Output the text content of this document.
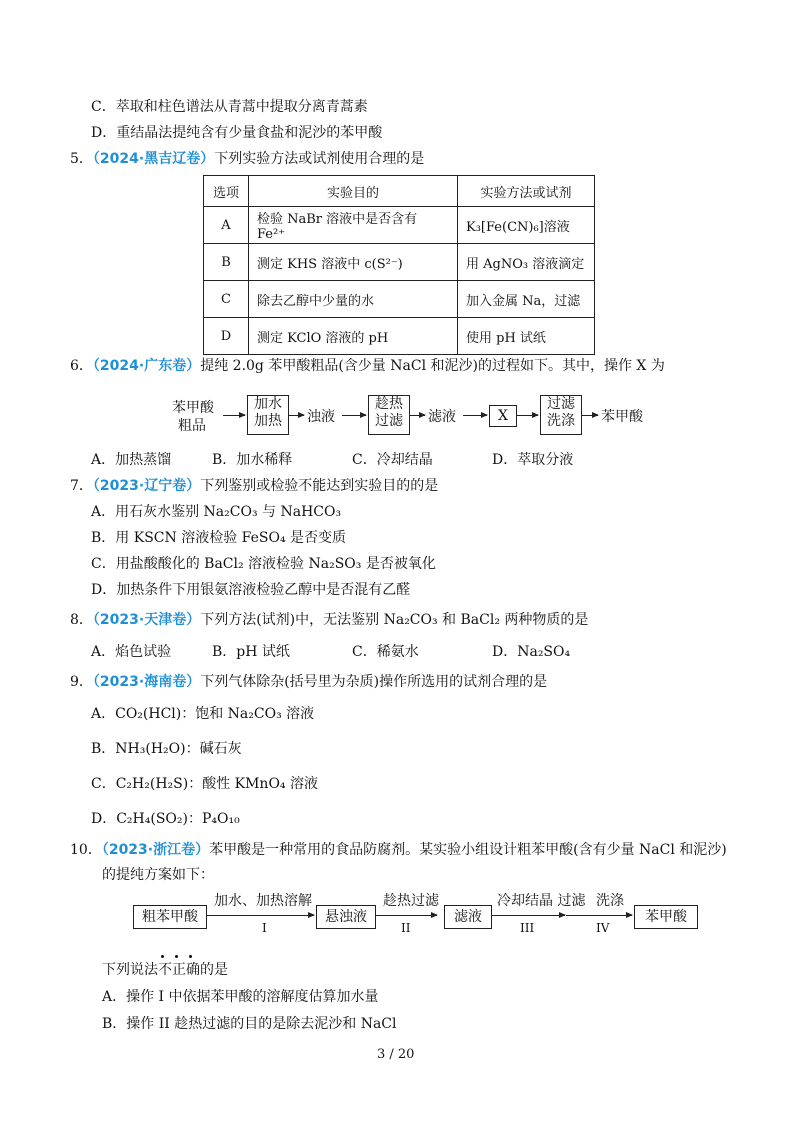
C．萃取和柱色谱法从青蒿中提取分离青蒿素
D．重结晶法提纯含有少量食盐和泥沙的苯甲酸
5．（2024·黑吉辽卷）下列实验方法或试剂使用合理的是
选项	实验目的	实验方法或试剂
A	检验 NaBr 溶液中是否含有 Fe²⁺	K₃[Fe(CN)₆]溶液
B	测定 KHS 溶液中 c(S²⁻)	用 AgNO₃ 溶液滴定
C	除去乙醇中少量的水	加入金属 Na，过滤
D	测定 KClO 溶液的 pH	使用 pH 试纸
6．（2024·广东卷）提纯 2.0g 苯甲酸粗品(含少量 NaCl 和泥沙)的过程如下。其中，操作 X 为
苯甲酸
粗品
加水
加热	浊液
趁热
过滤	滤液	X
过滤
洗涤	苯甲酸
A．加热蒸馏	B．加水稀释	C．冷却结晶	D．萃取分液
7．（2023·辽宁卷）下列鉴别或检验不能达到实验目的的是
A．用石灰水鉴别 Na₂CO₃ 与 NaHCO₃
B．用 KSCN 溶液检验 FeSO₄ 是否变质
C．用盐酸酸化的 BaCl₂ 溶液检验 Na₂SO₃ 是否被氧化
D．加热条件下用银氨溶液检验乙醇中是否混有乙醛
8．（2023·天津卷）下列方法(试剂)中，无法鉴别 Na₂CO₃ 和 BaCl₂ 两种物质的是
A．焰色试验	B．pH 试纸	C．稀氨水	D．Na₂SO₄
9．（2023·海南卷）下列气体除杂(括号里为杂质)操作所选用的试剂合理的是
A．CO₂(HCl)：饱和 Na₂CO₃ 溶液
B．NH₃(H₂O)：碱石灰
C．C₂H₂(H₂S)：酸性 KMnO₄ 溶液
D．C₂H₄(SO₂)：P₄O₁₀
10．（2023·浙江卷）苯甲酸是一种常用的食品防腐剂。某实验小组设计粗苯甲酸(含有少量 NaCl 和泥沙)
的提纯方案如下：
粗苯甲酸
加水、加热溶解
I
悬浊液
趁热过滤
II
滤液
冷却结晶 过滤
III
洗涤
IV
苯甲酸
下列说法不正确的是
A．操作 I 中依据苯甲酸的溶解度估算加水量
B．操作 II 趁热过滤的目的是除去泥沙和 NaCl
3 / 20
